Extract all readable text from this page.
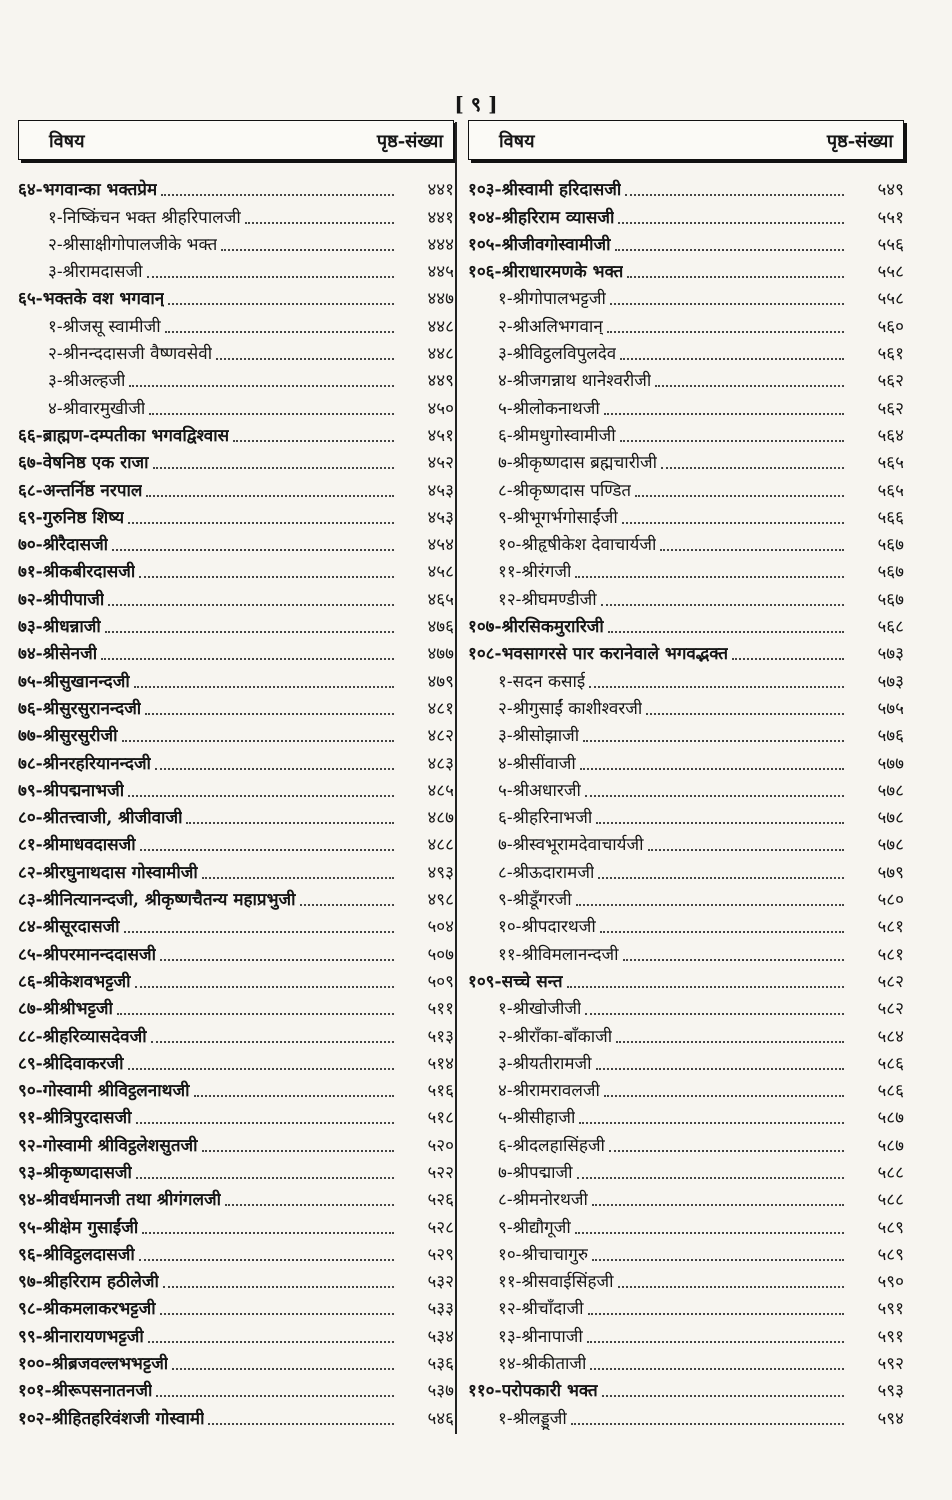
[ ९ ]
विषय	पृष्ठ-संख्या
६४- भगवान्का भक्तप्रेम	४४१
१- निष्किंचन भक्त श्रीहरिपालजी	४४१
२- श्रीसाक्षीगोपालजीके भक्त	४४४
३- श्रीरामदासजी	४४५
६५- भक्तके वश भगवान्	४४७
१- श्रीजसू स्वामीजी	४४८
२- श्रीनन्ददासजी वैष्णवसेवी	४४८
३- श्रीअल्हजी	४४९
४- श्रीवारमुखीजी	४५०
६६- ब्राह्मण-दम्पतीका भगवद्विश्वास	४५१
६७- वेषनिष्ठ एक राजा	४५२
६८- अन्तर्निष्ठ नरपाल	४५३
६९- गुरुनिष्ठ शिष्य	४५३
७०- श्रीरैदासजी	४५४
७१- श्रीकबीरदासजी	४५८
७२- श्रीपीपाजी	४६५
७३- श्रीधन्नाजी	४७६
७४- श्रीसेनजी	४७७
७५- श्रीसुखानन्दजी	४७९
७६- श्रीसुरसुरानन्दजी	४८१
७७- श्रीसुरसुरीजी	४८२
७८- श्रीनरहरियानन्दजी	४८३
७९- श्रीपद्मनाभजी	४८५
८०- श्रीतत्त्वाजी, श्रीजीवाजी	४८७
८१- श्रीमाधवदासजी	४८८
८२- श्रीरघुनाथदास गोस्वामीजी	४९३
८३- श्रीनित्यानन्दजी, श्रीकृष्णचैतन्य महाप्रभुजी	४९८
८४- श्रीसूरदासजी	५०४
८५- श्रीपरमानन्ददासजी	५०७
८६- श्रीकेशवभट्टजी	५०९
८७- श्रीश्रीभट्टजी	५११
८८- श्रीहरिव्यासदेवजी	५१३
८९- श्रीदिवाकरजी	५१४
९०- गोस्वामी श्रीविट्ठलनाथजी	५१६
९१- श्रीत्रिपुरदासजी	५१८
९२- गोस्वामी श्रीविट्ठलेशसुतजी	५२०
९३- श्रीकृष्णदासजी	५२२
९४- श्रीवर्धमानजी तथा श्रीगंगलजी	५२६
९५- श्रीक्षेम गुसाईंजी	५२८
९६- श्रीविट्ठलदासजी	५२९
९७- श्रीहरिराम हठीलेजी	५३२
९८- श्रीकमलाकरभट्टजी	५३३
९९- श्रीनारायणभट्टजी	५३४
१००- श्रीब्रजवल्लभभट्टजी	५३६
१०१- श्रीरूपसनातनजी	५३७
१०२- श्रीहितहरिवंशजी गोस्वामी	५४६
विषय	पृष्ठ-संख्या
१०३- श्रीस्वामी हरिदासजी	५४९
१०४- श्रीहरिराम व्यासजी	५५१
१०५- श्रीजीवगोस्वामीजी	५५६
१०६- श्रीराधारमणके भक्त	५५८
१- श्रीगोपालभट्टजी	५५८
२- श्रीअलिभगवान्	५६०
३- श्रीविट्ठलविपुलदेव	५६१
४- श्रीजगन्नाथ थानेश्वरीजी	५६२
५- श्रीलोकनाथजी	५६२
६- श्रीमधुगोस्वामीजी	५६४
७- श्रीकृष्णदास ब्रह्मचारीजी	५६५
८- श्रीकृष्णदास पण्डित	५६५
९- श्रीभूगर्भगोसाईंजी	५६६
१०- श्रीहृषीकेश देवाचार्यजी	५६७
११- श्रीरंगजी	५६७
१२- श्रीघमण्डीजी	५६७
१०७- श्रीरसिकमुरारिजी	५६८
१०८- भवसागरसे पार करानेवाले भगवद्भक्त	५७३
१- सदन कसाई	५७३
२- श्रीगुसाईं काशीश्वरजी	५७५
३- श्रीसोझाजी	५७६
४- श्रीसींवाजी	५७७
५- श्रीअधारजी	५७८
६- श्रीहरिनाभजी	५७८
७- श्रीस्वभूरामदेवाचार्यजी	५७८
८- श्रीऊदारामजी	५७९
९- श्रीडूँगरजी	५८०
१०- श्रीपदारथजी	५८१
११- श्रीविमलानन्दजी	५८१
१०९- सच्चे सन्त	५८२
१- श्रीखोजीजी	५८२
२- श्रीराँका-बाँकाजी	५८४
३- श्रीयतीरामजी	५८६
४- श्रीरामरावलजी	५८६
५- श्रीसीहाजी	५८७
६- श्रीदलहासिंहजी	५८७
७- श्रीपद्माजी	५८८
८- श्रीमनोरथजी	५८८
९- श्रीद्यौगूजी	५८९
१०- श्रीचाचागुरु	५८९
११- श्रीसवाईसिंहजी	५९०
१२- श्रीचाँदाजी	५९१
१३- श्रीनापाजी	५९१
१४- श्रीकीताजी	५९२
११०- परोपकारी भक्त	५९३
१- श्रीलड्डूजी	५९४
